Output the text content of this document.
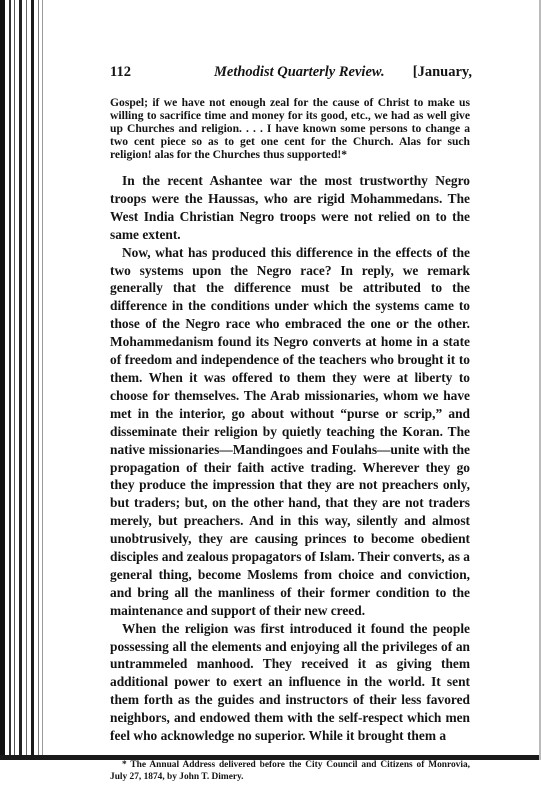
112	Methodist Quarterly Review. [January,

Gospel; if we have not enough zeal for the cause of Christ to make us willing to sacrifice time and money for its good, etc., we had as well give up Churches and religion. . . . I have known some persons to change a two cent piece so as to get one cent for the Church. Alas for such religion! alas for the Churches thus supported!*

In the recent Ashantee war the most trustworthy Negro troops were the Haussas, who are rigid Mohammedans. The West India Christian Negro troops were not relied on to the same extent.

Now, what has produced this difference in the effects of the two systems upon the Negro race? In reply, we remark generally that the difference must be attributed to the difference in the conditions under which the systems came to those of the Negro race who embraced the one or the other. Mohammedanism found its Negro converts at home in a state of freedom and independence of the teachers who brought it to them. When it was offered to them they were at liberty to choose for themselves. The Arab missionaries, whom we have met in the interior, go about without “purse or scrip,” and disseminate their religion by quietly teaching the Koran. The native missionaries—Mandingoes and Foulahs—unite with the propagation of their faith active trading. Wherever they go they produce the impression that they are not preachers only, but traders; but, on the other hand, that they are not traders merely, but preachers. And in this way, silently and almost unobtrusively, they are causing princes to become obedient disciples and zealous propagators of Islam. Their converts, as a general thing, become Moslems from choice and conviction, and bring all the manliness of their former condition to the maintenance and support of their new creed.

When the religion was first introduced it found the people possessing all the elements and enjoying all the privileges of an untrammeled manhood. They received it as giving them additional power to exert an influence in the world. It sent them forth as the guides and instructors of their less favored neighbors, and endowed them with the self-respect which men feel who acknowledge no superior. While it brought them a

* The Annual Address delivered before the City Council and Citizens of Monrovia, July 27, 1874, by John T. Dimery.
